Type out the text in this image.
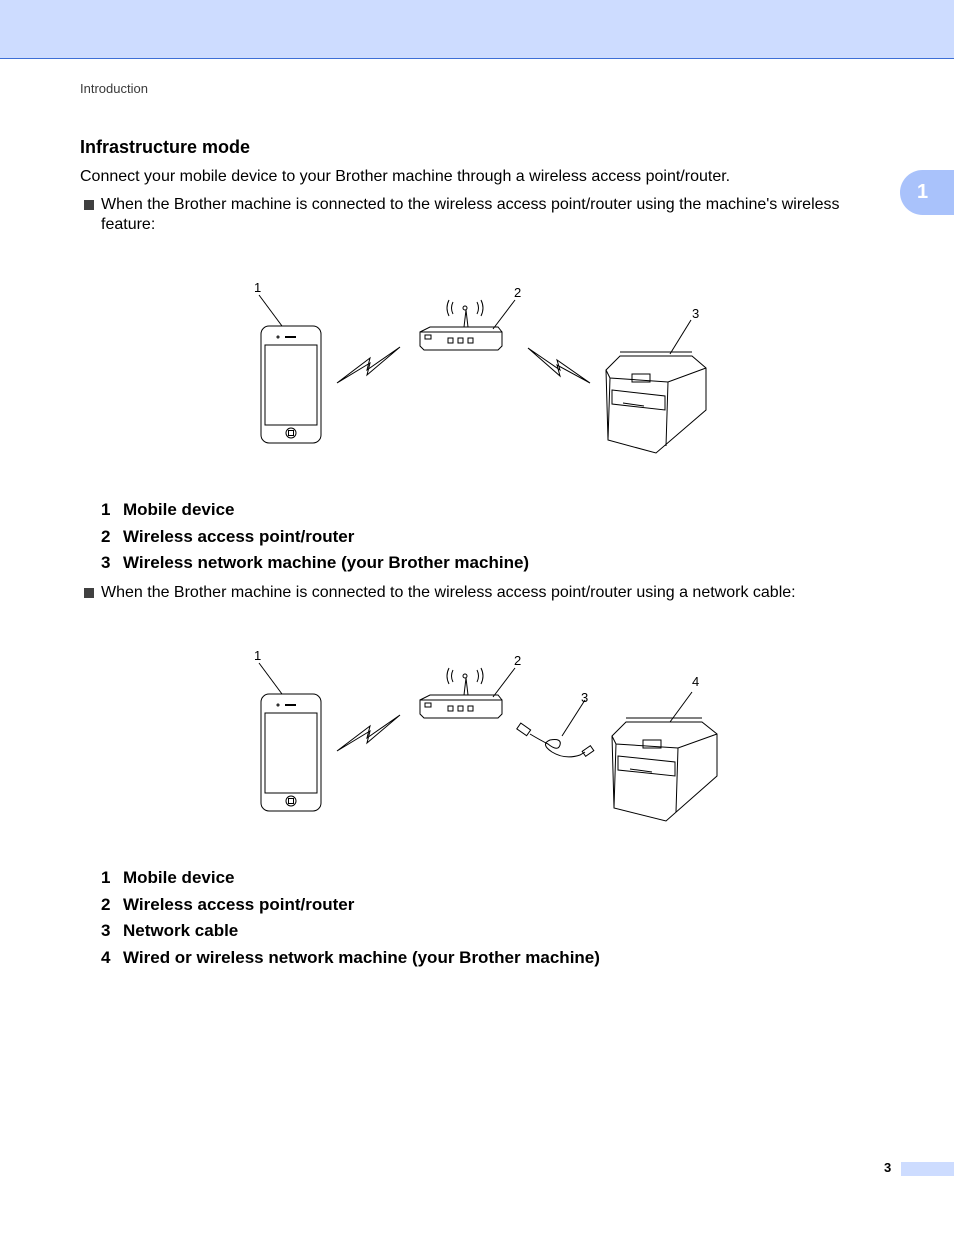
Introduction
1
Infrastructure mode

Connect your mobile device to your Brother machine through a wireless access point/router.

When the Brother machine is connected to the wireless access point/router using the machine's wireless feature:
1	2
3
1 Mobile device
2 Wireless access point/router
3 Wireless network machine (your Brother machine)
When the Brother machine is connected to the wireless access point/router using a network cable:
1	2
3
4
1 Mobile device
2 Wireless access point/router
3 Network cable
4 Wired or wireless network machine (your Brother machine)
3
